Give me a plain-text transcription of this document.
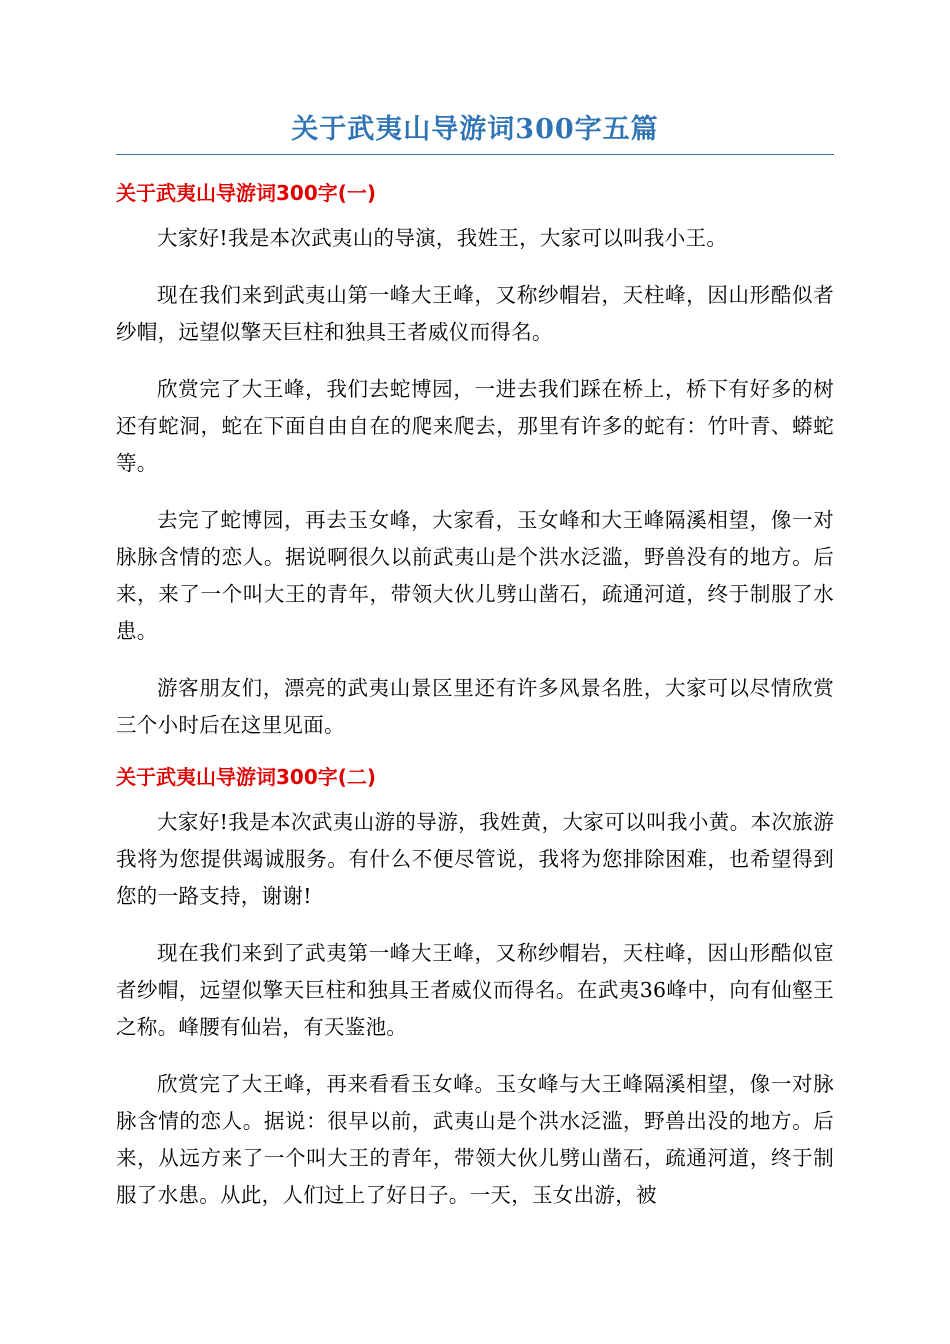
关于武夷山导游词300字五篇
关于武夷山导游词300字(一)

大家好!我是本次武夷山的导演，我姓王，大家可以叫我小王。

现在我们来到武夷山第一峰大王峰，又称纱帽岩，天柱峰，因山形酷似者纱帽，远望似擎天巨柱和独具王者威仪而得名。

欣赏完了大王峰，我们去蛇博园，一进去我们踩在桥上，桥下有好多的树还有蛇洞，蛇在下面自由自在的爬来爬去，那里有许多的蛇有：竹叶青、蟒蛇等。

去完了蛇博园，再去玉女峰，大家看，玉女峰和大王峰隔溪相望，像一对脉脉含情的恋人。据说啊很久以前武夷山是个洪水泛滥，野兽没有的地方。后来，来了一个叫大王的青年，带领大伙儿劈山凿石，疏通河道，终于制服了水患。

游客朋友们，漂亮的武夷山景区里还有许多风景名胜，大家可以尽情欣赏三个小时后在这里见面。

关于武夷山导游词300字(二)

大家好!我是本次武夷山游的导游，我姓黄，大家可以叫我小黄。本次旅游我将为您提供竭诚服务。有什么不便尽管说，我将为您排除困难，也希望得到您的一路支持，谢谢!

现在我们来到了武夷第一峰大王峰，又称纱帽岩，天柱峰，因山形酷似宦者纱帽，远望似擎天巨柱和独具王者威仪而得名。在武夷36峰中，向有仙壑王之称。峰腰有仙岩，有天鉴池。

欣赏完了大王峰，再来看看玉女峰。玉女峰与大王峰隔溪相望，像一对脉脉含情的恋人。据说：很早以前，武夷山是个洪水泛滥，野兽出没的地方。后来，从远方来了一个叫大王的青年，带领大伙儿劈山凿石，疏通河道，终于制服了水患。从此，人们过上了好日子。一天，玉女出游，被
